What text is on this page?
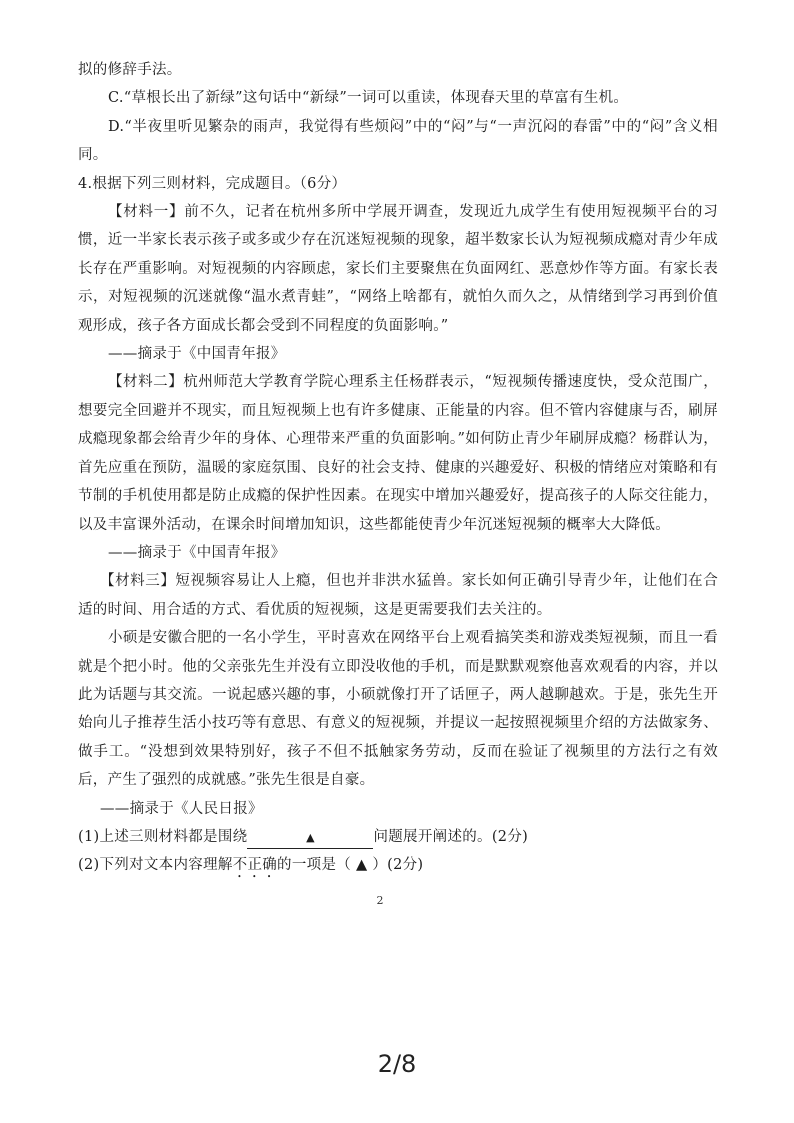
拟的修辞手法。

C.“草根长出了新绿”这句话中“新绿”一词可以重读，体现春天里的草富有生机。

D.“半夜里听见繁杂的雨声，我觉得有些烦闷”中的“闷”与“一声沉闷的春雷”中的“闷”含义相同。

4.根据下列三则材料，完成题目。（6分）

【材料一】前不久，记者在杭州多所中学展开调查，发现近九成学生有使用短视频平台的习惯，近一半家长表示孩子或多或少存在沉迷短视频的现象，超半数家长认为短视频成瘾对青少年成长存在严重影响。对短视频的内容顾虑，家长们主要聚焦在负面网红、恶意炒作等方面。有家长表示，对短视频的沉迷就像“温水煮青蛙”，“网络上啥都有，就怕久而久之，从情绪到学习再到价值观形成，孩子各方面成长都会受到不同程度的负面影响。”

——摘录于《中国青年报》

【材料二】杭州师范大学教育学院心理系主任杨群表示，“短视频传播速度快，受众范围广，想要完全回避并不现实，而且短视频上也有许多健康、正能量的内容。但不管内容健康与否，刷屏成瘾现象都会给青少年的身体、心理带来严重的负面影响。”如何防止青少年刷屏成瘾？杨群认为，首先应重在预防，温暖的家庭氛围、良好的社会支持、健康的兴趣爱好、积极的情绪应对策略和有节制的手机使用都是防止成瘾的保护性因素。在现实中增加兴趣爱好，提高孩子的人际交往能力，以及丰富课外活动，在课余时间增加知识，这些都能使青少年沉迷短视频的概率大大降低。

——摘录于《中国青年报》

【材料三】短视频容易让人上瘾，但也并非洪水猛兽。家长如何正确引导青少年，让他们在合适的时间、用合适的方式、看优质的短视频，这是更需要我们去关注的。

小硕是安徽合肥的一名小学生，平时喜欢在网络平台上观看搞笑类和游戏类短视频，而且一看就是个把小时。他的父亲张先生并没有立即没收他的手机，而是默默观察他喜欢观看的内容，并以此为话题与其交流。一说起感兴趣的事，小硕就像打开了话匣子，两人越聊越欢。于是，张先生开始向儿子推荐生活小技巧等有意思、有意义的短视频，并提议一起按照视频里介绍的方法做家务、做手工。“没想到效果特别好，孩子不但不抵触家务劳动，反而在验证了视频里的方法行之有效后，产生了强烈的成就感。”张先生很是自豪。

——摘录于《人民日报》

(1)上述三则材料都是围绕	▲	问题展开阐述的。(2分)

(2)下列对文本内容理解不正确的一项是（ ▲ ）(2分)

2
2/8
